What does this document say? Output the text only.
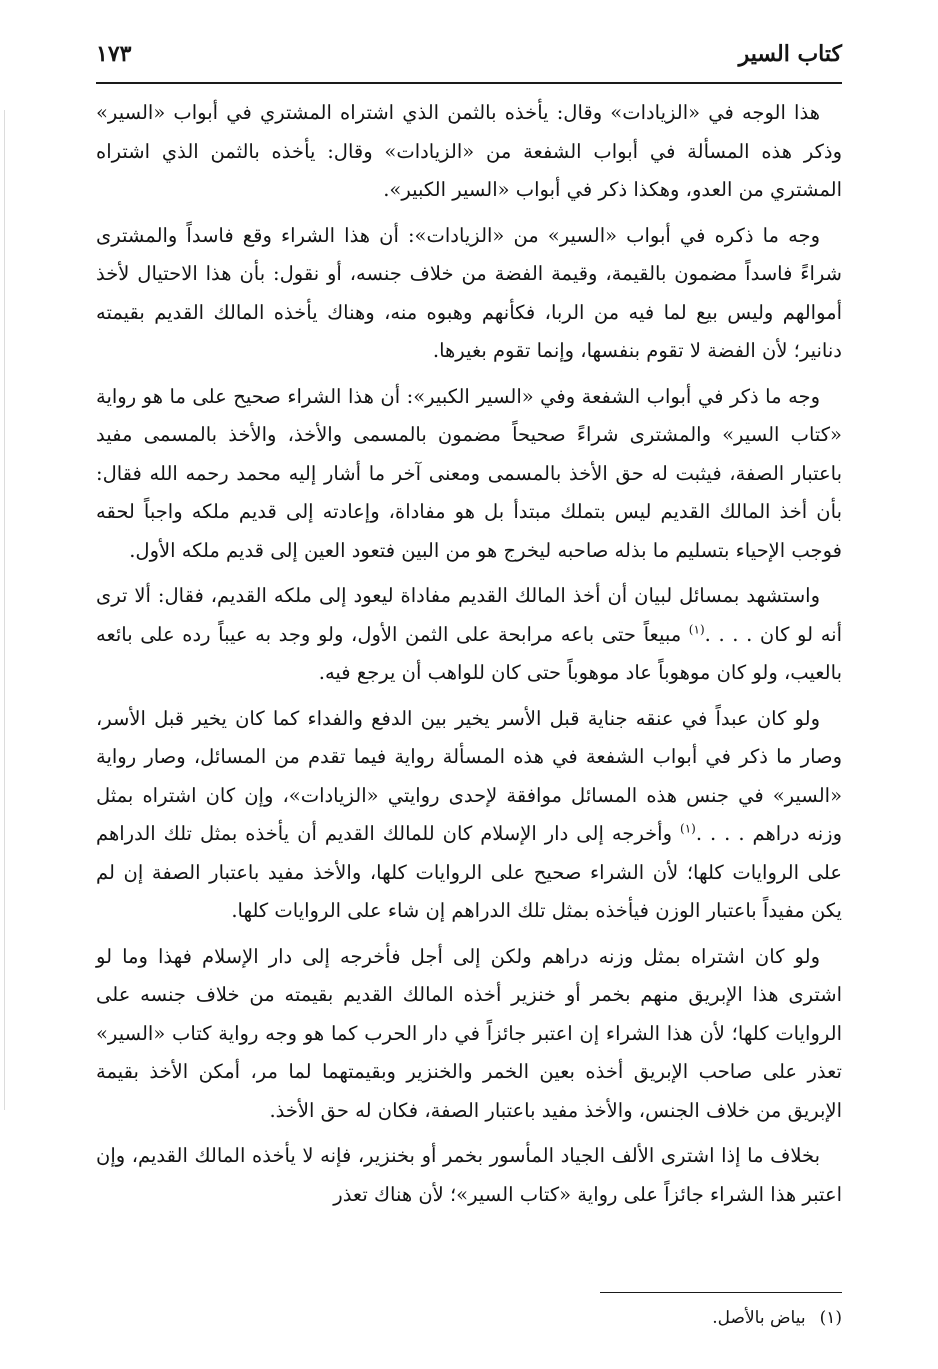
كتاب السير
١٧٣

هذا الوجه في «الزيادات» وقال: يأخذه بالثمن الذي اشتراه المشتري في أبواب «السير» وذكر هذه المسألة في أبواب الشفعة من «الزيادات» وقال: يأخذه بالثمن الذي اشتراه المشتري من العدو، وهكذا ذكر في أبواب «السير الكبير».

وجه ما ذكره في أبواب «السير» من «الزيادات»: أن هذا الشراء وقع فاسداً والمشترى شراءً فاسداً مضمون بالقيمة، وقيمة الفضة من خلاف جنسه، أو نقول: بأن هذا الاحتيال لأخذ أموالهم وليس بيع لما فيه من الربا، فكأنهم وهبوه منه، وهناك يأخذه المالك القديم بقيمته دنانير؛ لأن الفضة لا تقوم بنفسها، وإنما تقوم بغيرها.

وجه ما ذكر في أبواب الشفعة وفي «السير الكبير»: أن هذا الشراء صحيح على ما هو رواية «كتاب السير» والمشترى شراءً صحيحاً مضمون بالمسمى والأخذ، والأخذ بالمسمى مفيد باعتبار الصفة، فيثبت له حق الأخذ بالمسمى ومعنى آخر ما أشار إليه محمد رحمه الله فقال: بأن أخذ المالك القديم ليس بتملك مبتدأ بل هو مفاداة، وإعادته إلى قديم ملكه واجباً لحقه فوجب الإحياء بتسليم ما بذله صاحبه ليخرج هو من البين فتعود العين إلى قديم ملكه الأول.

واستشهد بمسائل لبيان أن أخذ المالك القديم مفاداة ليعود إلى ملكه القديم، فقال: ألا ترى أنه لو كان . . . .$^{(١)}$ مبيعاً حتى باعه مرابحة على الثمن الأول، ولو وجد به عيباً رده على بائعه بالعيب، ولو كان موهوباً عاد موهوباً حتى كان للواهب أن يرجع فيه.

ولو كان عبداً في عنقه جناية قبل الأسر يخير بين الدفع والفداء كما كان يخير قبل الأسر، وصار ما ذكر في أبواب الشفعة في هذه المسألة رواية فيما تقدم من المسائل، وصار رواية «السير» في جنس هذه المسائل موافقة لإحدى روايتي «الزيادات»، وإن كان اشتراه بمثل وزنه دراهم . . . .$^{(١)}$ وأخرجه إلى دار الإسلام كان للمالك القديم أن يأخذه بمثل تلك الدراهم على الروايات كلها؛ لأن الشراء صحيح على الروايات كلها، والأخذ مفيد باعتبار الصفة إن لم يكن مفيداً باعتبار الوزن فيأخذه بمثل تلك الدراهم إن شاء على الروايات كلها.

ولو كان اشتراه بمثل وزنه دراهم ولكن إلى أجل فأخرجه إلى دار الإسلام فهذا وما لو اشترى هذا الإبريق منهم بخمر أو خنزير أخذه المالك القديم بقيمته من خلاف جنسه على الروايات كلها؛ لأن هذا الشراء إن اعتبر جائزاً في دار الحرب كما هو وجه رواية كتاب «السير» تعذر على صاحب الإبريق أخذه بعين الخمر والخنزير وبقيمتهما لما مر، أمكن الأخذ بقيمة الإبريق من خلاف الجنس، والأخذ مفيد باعتبار الصفة، فكان له حق الأخذ.

بخلاف ما إذا اشترى الألف الجياد المأسور بخمر أو بخنزير، فإنه لا يأخذه المالك القديم، وإن اعتبر هذا الشراء جائزاً على رواية «كتاب السير»؛ لأن هناك تعذر

(١)بياض بالأصل.
